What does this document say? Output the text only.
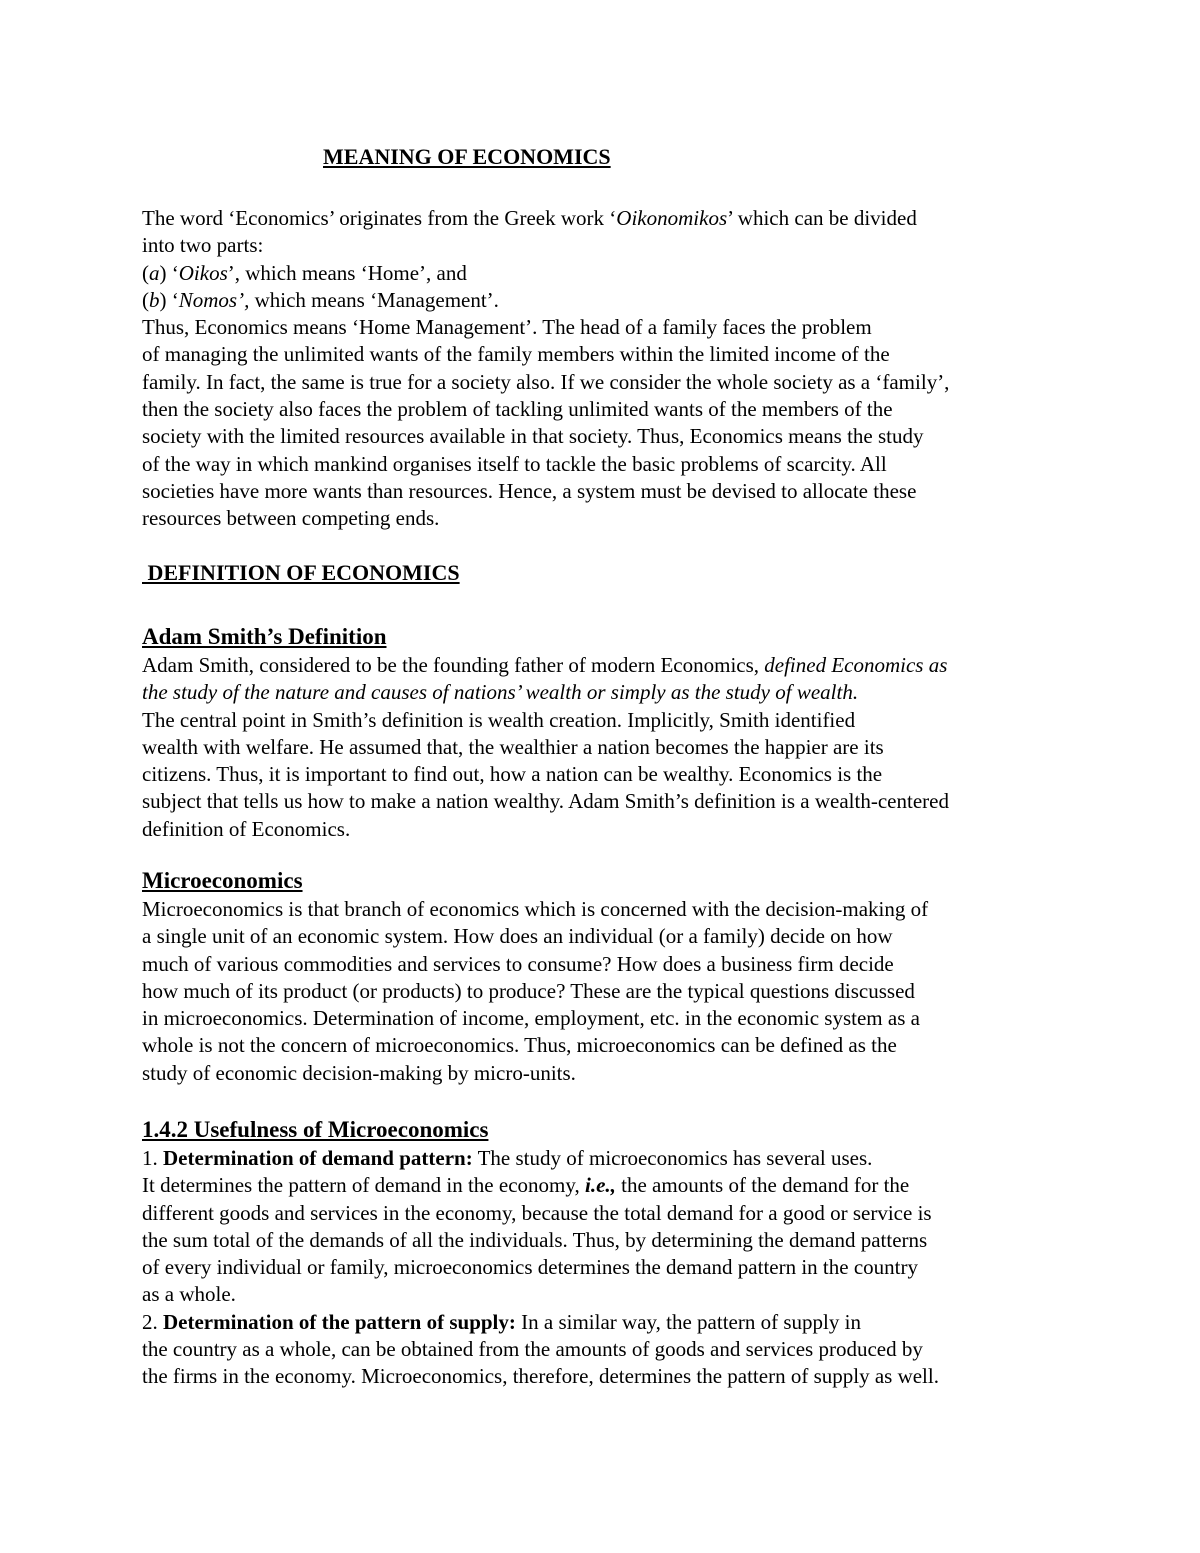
MEANING OF ECONOMICS

The word ‘Economics’ originates from the Greek work ‘Oikonomikos’ which can be divided

into two parts:

(a) ‘Oikos’, which means ‘Home’, and

(b) ‘Nomos’, which means ‘Management’.

Thus, Economics means ‘Home Management’. The head of a family faces the problem

of managing the unlimited wants of the family members within the limited income of the

family. In fact, the same is true for a society also. If we consider the whole society as a ‘family’,

then the society also faces the problem of tackling unlimited wants of the members of the

society with the limited resources available in that society. Thus, Economics means the study

of the way in which mankind organises itself to tackle the basic problems of scarcity. All

societies have more wants than resources. Hence, a system must be devised to allocate these

resources between competing ends.

DEFINITION OF ECONOMICS

Adam Smith’s Definition

Adam Smith, considered to be the founding father of modern Economics, defined Economics as

the study of the nature and causes of nations’ wealth or simply as the study of wealth.

The central point in Smith’s definition is wealth creation. Implicitly, Smith identified

wealth with welfare. He assumed that, the wealthier a nation becomes the happier are its

citizens. Thus, it is important to find out, how a nation can be wealthy. Economics is the

subject that tells us how to make a nation wealthy. Adam Smith’s definition is a wealth-centered

definition of Economics.

Microeconomics

Microeconomics is that branch of economics which is concerned with the decision-making of

a single unit of an economic system. How does an individual (or a family) decide on how

much of various commodities and services to consume? How does a business firm decide

how much of its product (or products) to produce? These are the typical questions discussed

in microeconomics. Determination of income, employment, etc. in the economic system as a

whole is not the concern of microeconomics. Thus, microeconomics can be defined as the

study of economic decision-making by micro-units.

1.4.2 Usefulness of Microeconomics

1. Determination of demand pattern: The study of microeconomics has several uses.

It determines the pattern of demand in the economy, i.e., the amounts of the demand for the

different goods and services in the economy, because the total demand for a good or service is

the sum total of the demands of all the individuals. Thus, by determining the demand patterns

of every individual or family, microeconomics determines the demand pattern in the country

as a whole.

2. Determination of the pattern of supply: In a similar way, the pattern of supply in

the country as a whole, can be obtained from the amounts of goods and services produced by

the firms in the economy. Microeconomics, therefore, determines the pattern of supply as well.
